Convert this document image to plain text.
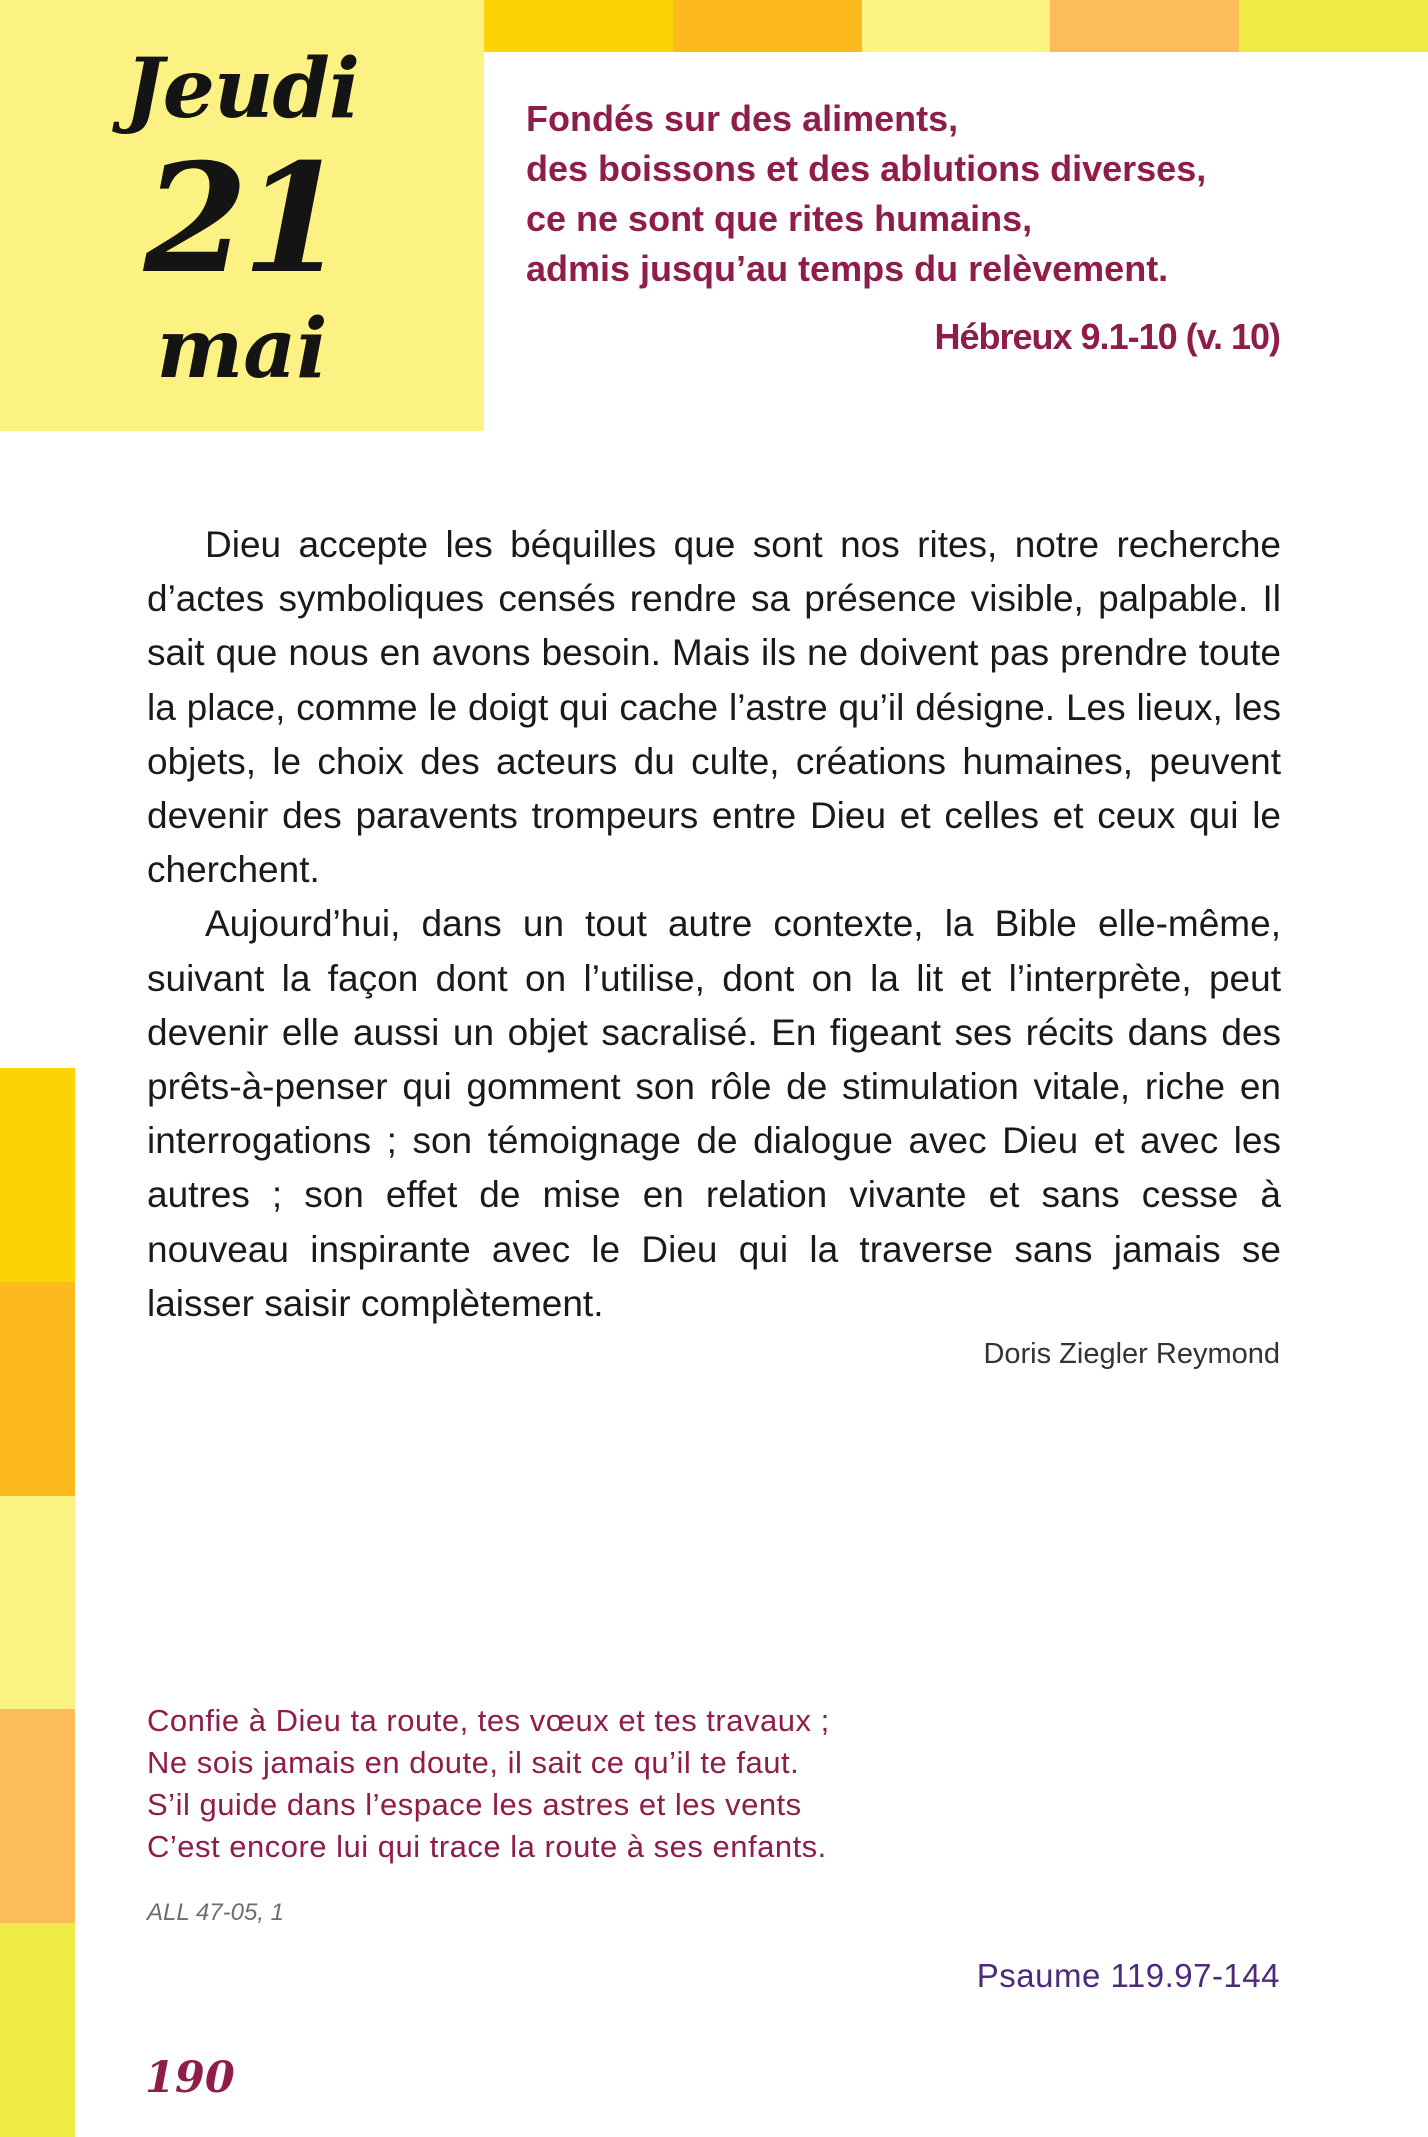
Jeudi
21
mai
Fondés sur des aliments,
des boissons et des ablutions diverses,
ce ne sont que rites humains,
admis jusqu’au temps du relèvement.
Hébreux 9.1-10 (v. 10)

Dieu accepte les béquilles que sont nos rites, notre recherche d’actes symboliques censés rendre sa présence visible, palpable. Il sait que nous en avons besoin. Mais ils ne doivent pas prendre toute la place, comme le doigt qui cache l’astre qu’il désigne. Les lieux, les objets, le choix des acteurs du culte, créations humaines, peuvent devenir des paravents trompeurs entre Dieu et celles et ceux qui le cherchent.

Aujourd’hui, dans un tout autre contexte, la Bible elle-même, suivant la façon dont on l’utilise, dont on la lit et l’interprète, peut devenir elle aussi un objet sacralisé. En figeant ses récits dans des prêts-à-penser qui gomment son rôle de stimulation vitale, riche en interrogations ; son témoignage de dialogue avec Dieu et avec les autres ; son effet de mise en relation vivante et sans cesse à nouveau inspirante avec le Dieu qui la traverse sans jamais se laisser saisir complètement.

Doris Ziegler Reymond
Confie à Dieu ta route, tes vœux et tes travaux ;
Ne sois jamais en doute, il sait ce qu’il te faut.
S’il guide dans l’espace les astres et les vents
C’est encore lui qui trace la route à ses enfants.
ALL 47-05, 1
Psaume 119.97-144
190
